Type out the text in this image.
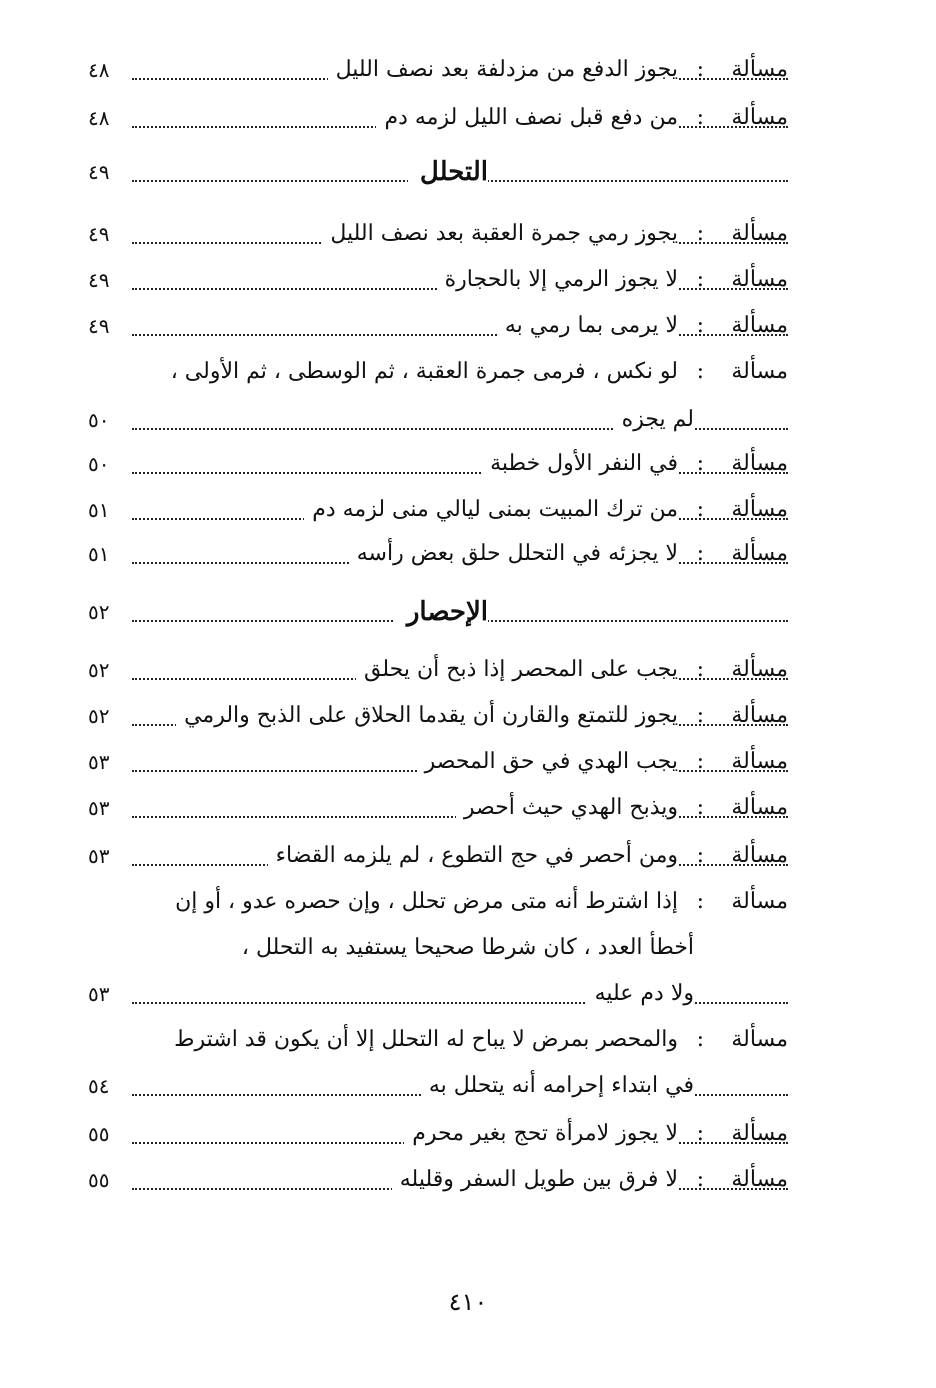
مسألة
:
يجوز الدفع من مزدلفة بعد نصف الليل
٤٨
مسألة
:
من دفع قبل نصف الليل لزمه دم
٤٨
التحلل
٤٩
مسألة
:
يجوز رمي جمرة العقبة بعد نصف الليل
٤٩
مسألة
:
لا يجوز الرمي إلا بالحجارة
٤٩
مسألة
:
لا يرمى بما رمي به
٤٩
مسألة
:
لو نكس ، فرمى جمرة العقبة ، ثم الوسطى ، ثم الأولى ،
لم يجزه
٥٠
مسألة
:
في النفر الأول خطبة
٥٠
مسألة
:
من ترك المبيت بمنى ليالي منى لزمه دم
٥١
مسألة
:
لا يجزئه في التحلل حلق بعض رأسه
٥١
الإحصار
٥٢
مسألة
:
يجب على المحصر إذا ذبح أن يحلق
٥٢
مسألة
:
يجوز للتمتع والقارن أن يقدما الحلاق على الذبح والرمي
٥٢
مسألة
:
يجب الهدي في حق المحصر
٥٣
مسألة
:
ويذبح الهدي حيث أحصر
٥٣
مسألة
:
ومن أحصر في حج التطوع ، لم يلزمه القضاء
٥٣
مسألة
:
إذا اشترط أنه متى مرض تحلل ، وإن حصره عدو ، أو إن
أخطأ العدد ، كان شرطا صحيحا يستفيد به التحلل ،
ولا دم عليه
٥٣
مسألة
:
والمحصر بمرض لا يباح له التحلل إلا أن يكون قد اشترط
في ابتداء إحرامه أنه يتحلل به
٥٤
مسألة
:
لا يجوز لامرأة تحج بغير محرم
٥٥
مسألة
:
لا فرق بين طويل السفر وقليله
٥٥
٤١٠
